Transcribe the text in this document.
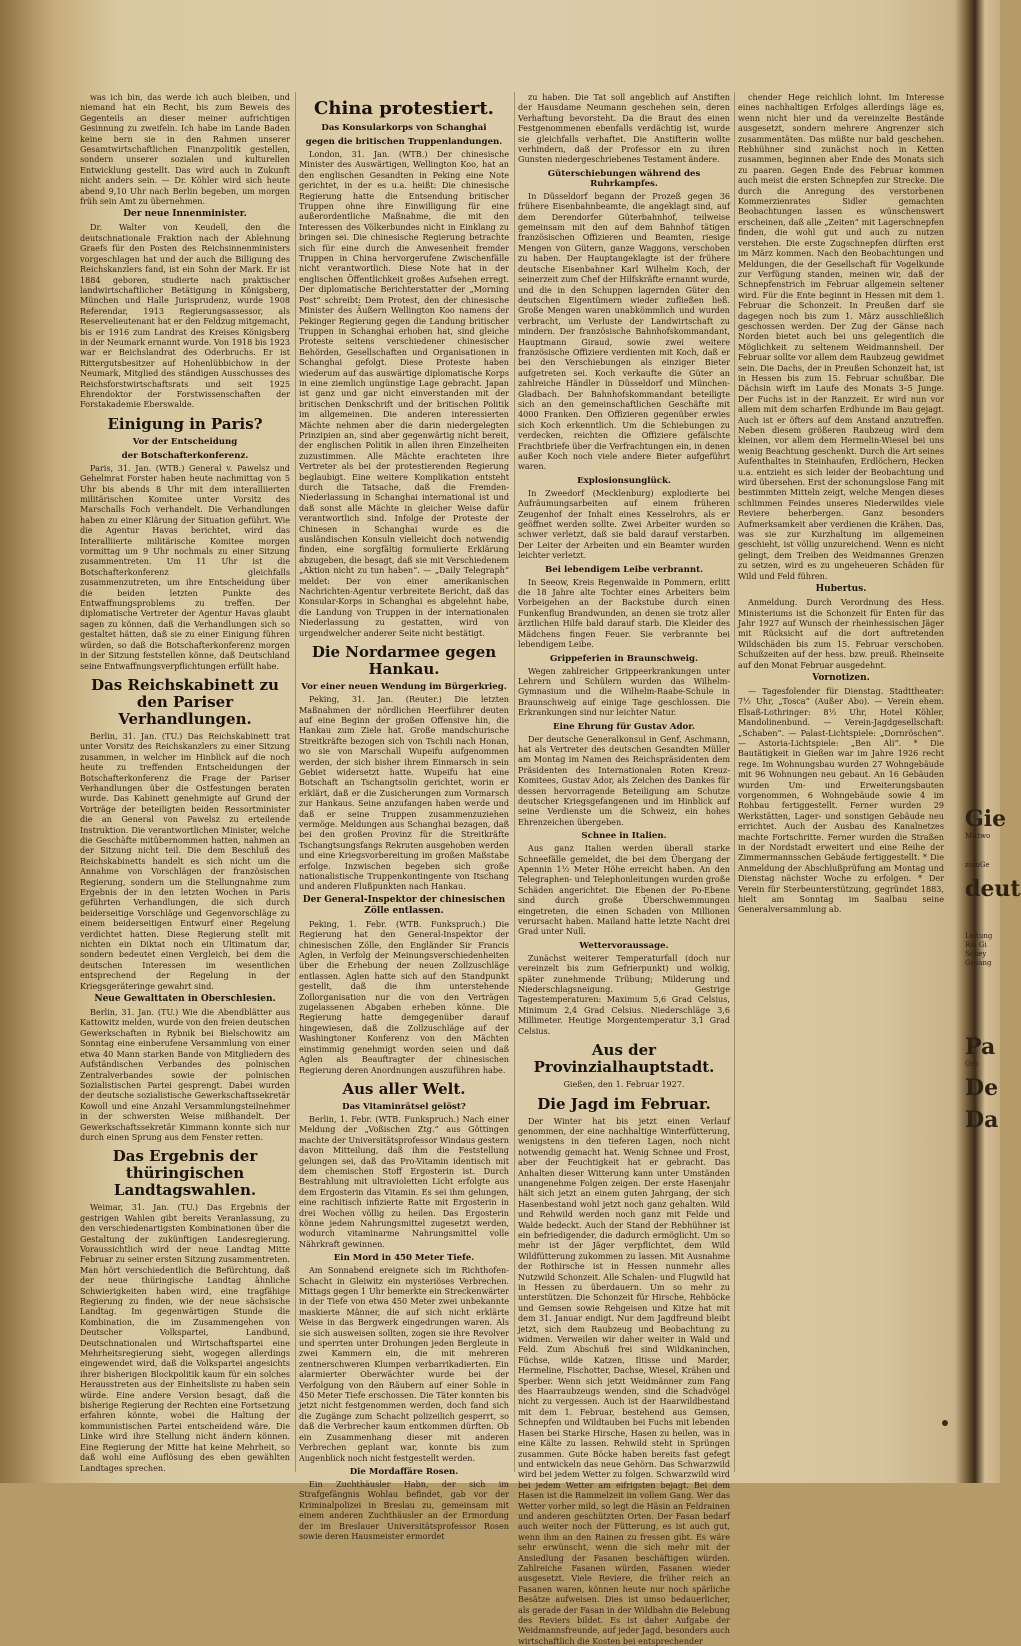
was ich bin, das werde ich auch bleiben, und niemand hat ein Recht, bis zum Beweis des Gegenteils an dieser meiner aufrichtigen Gesinnung zu zweifeln. Ich habe im Lande Baden keine bern sie in den Rahmen unserer Gesamtwirtschaftlichen Finanzpolitik gestellen, sondern unserer sozialen und kulturellen Entwicklung gestellt. Das wird auch in Zukunft nicht anders sein. — Dr. Köhler wird sich heute abend 9,10 Uhr nach Berlin begeben, um morgen früh sein Amt zu übernehmen.

Der neue Innenminister.

Dr. Walter von Keudell, den die deutschnationale Fraktion nach der Ablehnung Graefs für den Posten des Reichsinnenministers vorgeschlagen hat und der auch die Billigung des Reichskanzlers fand, ist ein Sohn der Mark. Er ist 1884 geboren, studierte nach praktischer landwirtschaftlicher Betätigung in Königsberg, München und Halle Jurisprudenz, wurde 1908 Referendar, 1913 Regierungsassessor, als Reservelieutenant hat er den Feldzug mitgemacht, bis er 1916 zum Landrat des Kreises Königsberg in der Neumark ernannt wurde. Von 1918 bis 1923 war er Beichslandrat des Oderbruchs. Er ist Rittergutsbesitzer auf Hohenlübbichow in der Neumark, Mitglied des ständigen Ausschusses des Reichsforstwirtschaftsrats und seit 1925 Ehrendoktor der Forstwissenschaften der Forstakademie Eberswalde.

Einigung in Paris?
Vor der Entscheidung
der Botschafterkonferenz.

Paris, 31. Jan. (WTB.) General v. Pawelsz und Gehelmrat Forster haben heute nachmittag von 5 Uhr bis abends 8 Uhr mit dem interalliierten militärischen Komitee unter Vorsitz des Marschalls Foch verhandelt. Die Verhandlungen haben zu einer Klärung der Situation geführt. Wie die Agentur Havas berichtet, wird das Interalliierte militärische Komitee morgen vormittag um 9 Uhr nochmals zu einer Sitzung zusammentreten. Um 11 Uhr ist die Botschafterkonferenz gleichfalls zusammenzutreten, um ihre Entscheidung über die beiden letzten Punkte des Entwaffnungsproblems zu treffen. Der diplomatische Vertreter der Agentur Havas glaubt sagen zu können, daß die Verhandlungen sich so gestaltet hätten, daß sie zu einer Einigung führen würden, so daß die Botschafterkonferenz morgen in der Sitzung feststellen könne, daß Deutschland seine Entwaffnungsverpflichtungen erfüllt habe.

Das Reichskabinett zu den Pariser Verhandlungen.

Berlin, 31. Jan. (TU.) Das Reichskabinett trat unter Vorsitz des Reichskanzlers zu einer Sitzung zusammen, in welcher im Hinblick auf die noch heute zu treffenden Entscheidungen der Botschafterkonferenz die Frage der Pariser Verhandlungen über die Ostfestungen beraten wurde. Das Kabinett genehmigte auf Grund der Vorträge der beteiligten beiden Ressortminister die an General von Pawelsz zu erteilende Instruktion. Die verantwortlichen Minister, welche die Geschäfte mitübernommen hatten, nahmen an der Sitzung nicht teil. Die dem Beschluß des Reichskabinetts handelt es sich nicht um die Annahme von Vorschlägen der französischen Regierung, sondern um die Stellungnahme zum Ergebnis der in den letzten Wochen in Paris geführten Verhandlungen, die sich durch beiderseitige Vorschläge und Gegenvorschläge zu einem beiderseitigen Entwurf einer Regelung verdichtet hatten. Diese Regierung stellt mit nichten ein Diktat noch ein Ultimatum dar, sondern bedeutet einen Vergleich, bei dem die deutschen Interessen im wesentlichen entsprechend der Regelung in der Kriegsgeräteringe gewahrt sind.

Neue Gewalttaten in Oberschlesien.

Berlin, 31. Jan. (TU.) Wie die Abendblätter aus Kattowitz melden, wurde von den freien deutschen Gewerkschaften in Rybnik bei Bielschowitz am Sonntag eine einberufene Versammlung von einer etwa 40 Mann starken Bande von Mitgliedern des Aufständischen Verbandes des polnischen Zentralverbandes sowie der polnischen Sozialistischen Partei gesprengt. Dabei wurden der deutsche sozialistische Gewerkschaftssekretär Kowoll und eine Anzahl Versammlungsteilnehmer in der schwersten Weise mißhandelt. Der Gewerkschaftssekretär Kimmann konnte sich nur durch einen Sprung aus dem Fenster retten.

Das Ergebnis der thüringischen Landtagswahlen.

Weimar, 31. Jan. (TU.) Das Ergebnis der gestrigen Wahlen gibt bereits Veranlassung, zu den verschiedenartigsten Kombinationen über die Gestaltung der zukünftigen Landesregierung. Voraussichtlich wird der neue Landtag Mitte Februar zu seiner ersten Sitzung zusammentreten. Man hört verschiedentlich die Befürchtung, daß der neue thüringische Landtag ähnliche Schwierigkeiten haben wird, eine tragfähige Regierung zu finden, wie der neue sächsische Landtag. Im gegenwärtigen Stunde die Kombination, die im Zusammengehen von Deutscher Volkspartei, Landbund, Deutschnationalen und Wirtschaftspartei eine Mehrheitsregierung sieht, wogegen allerdings eingewendet wird, daß die Volkspartei angesichts ihrer bisherigen Blockpolitik kaum für ein solches Herausstreten aus der Einheitsliste zu haben sein würde. Eine andere Version besagt, daß die bisherige Regierung der Rechten eine Fortsetzung erfahren könnte, wobei die Haltung der kommunistischen Partei entscheidend wäre. Die Linke wird ihre Stellung nicht ändern können. Eine Regierung der Mitte hat keine Mehrheit, so daß wohl eine Auflösung des eben gewählten Landtages sprechen.

China protestiert.
Das Konsularkorps von Schanghai
gegen die britischen Truppenlandungen.

London, 31. Jan. (WTB.) Der chinesische Minister des Auswärtigen, Wellington Koo, hat an den englischen Gesandten in Peking eine Note gerichtet, in der es u.a. heißt: Die chinesische Regierung hatte die Entsendung britischer Truppen ohne ihre Einwilligung für eine außerordentliche Maßnahme, die mit den Interessen des Völkerbundes nicht in Einklang zu bringen sei. Die chinesische Regierung betrachte sich für eine durch die Anwesenheit fremder Truppen in China hervorgerufene Zwischenfälle nicht verantwortlich. Diese Note hat in der englischen Öffentlichkeit großes Aufsehen erregt. Der diplomatische Berichterstatter der „Morning Post“ schreibt: Dem Protest, den der chinesische Minister des Äußern Wellington Koo namens der Pekinger Regierung gegen die Landung britischer Truppen in Schanghai erhoben hat, sind gleiche Proteste seitens verschiedener chinesischer Behörden, Gesellschaften und Organisationen in Schanghai gefolgt. Diese Proteste haben wiederum auf das auswärtige diplomatische Korps in eine ziemlich ungünstige Lage gebracht. Japan ist ganz und gar nicht einverstanden mit der britischen Denkschrift und der britischen Politik im allgemeinen. Die anderen interessierten Mächte nehmen aber die darin niedergelegten Prinzipien an, sind aber gegenwärtig nicht bereit, der englischen Politik in allen ihren Einzelheiten zuzustimmen. Alle Mächte erachteten ihre Vertreter als bei der protestierenden Regierung beglaubigt. Eine weitere Komplikation entsteht durch die Tatsache, daß die Fremden-Niederlassung in Schanghai international ist und daß sonst alle Mächte in gleicher Weise dafür verantwortlich sind. Infolge der Proteste der Chinesen in Schanghai wurde es die ausländischen Konsuln vielleicht doch notwendig finden, eine sorgfältig formulierte Erklärung abzugeben, die besagt, daß sie mit Verschiedenem „Aktion nicht zu tun haben“. — „Daily Telegraph“ meldet: Der von einer amerikanischen Nachrichten-Agentur verbreitete Bericht, daß das Konsular-Korps in Schanghai es abgelehnt habe, die Landung von Truppen in der internationalen Niederlassung zu gestatten, wird von urgendwelcher anderer Seite nicht bestätigt.

Die Nordarmee gegen Hankau.
Vor einer neuen Wendung im Bürgerkrieg.

Peking, 31. Jan. (Reuter.) Die letzten Maßnahmen der nördlichen Heerführer deuten auf eine Beginn der großen Offensive hin, die Hankau zum Ziele hat. Große mandschurische Streitkräfte bezogen sich von Tschili nach Honan, wo sie von Marschall Wupeifu aufgenommen werden, der sich bisher ihrem Einmarsch in sein Gebiet widersetzt hatte. Wupeifu hat eine Botschaft an Tschangtsolin gerichtet, worin er erklärt, daß er die Zusicherungen zum Vormarsch zur Hankaus. Seine anzufangen haben werde und daß er seine Truppen zusammenzuziehen vermöge. Meldungen aus Schanghai bezagen, daß bei den großen Provinz für die Streitkräfte Tschangtsungsfangs Rekruten ausgehoben werden und eine Kriegsvorbereitung im großen Maßstabe erfolge. Inzwischen begeben sich große nationalistische Truppenkontingente von Itschang und anderen Flußpunkten nach Hankau.

Der General-Inspektor der chinesischen Zölle entlassen.

Peking, 1. Febr. (WTB. Funkspruch.) Die Regierung hat den General-Inspektor der chinesischen Zölle, den Engländer Sir Francis Aglen, in Verfolg der Meinungsverschiedenheiten über die Erhebung der neuen Zollzuschläge entlassen. Aglen hatte sich auf den Standpunkt gestellt, daß die ihm unterstehende Zollorganisation nur die von den Verträgen zugelassenen Abgaben erheben könne. Die Regierung hatte demgegenüber darauf hingewiesen, daß die Zollzuschläge auf der Washingtoner Konferenz von den Mächten einstimmig genehmigt worden seien und daß Aglen als Beauftragter der chinesischen Regierung deren Anordnungen auszuführen habe.

Aus aller Welt.
Das Vitaminrätsel gelöst?

Berlin, 1. Febr. (WTB. Funkspruch.) Nach einer Meldung der „Voßischen Ztg.“ aus Göttingen machte der Universitätsprofessor Windaus gestern davon Mitteilung, daß ihm die Feststellung gelungen sei, daß das Pro-Vitamin identisch mit dem chemischen Stoff Ergosterin ist. Durch Bestrahlung mit ultravioletten Licht erfolgte aus dem Ergosterin das Vitamin. Es sei ihm gelungen, eine rachitisch infizierte Ratte mit Ergosterin in drei Wochen völlig zu heilen. Das Ergosterin könne jedem Nahrungsmittel zugesetzt werden, wodurch vitaminarme Nahrungsmittel volle Nährkraft gewinnen.

Ein Mord in 450 Meter Tiefe.

Am Sonnabend ereignete sich im Richthofen-Schacht in Gleiwitz ein mysteriöses Verbrechen. Mittags gegen 1 Uhr bemerkte ein Streckenwärter in der Tiefe von etwa 450 Meter zwei unbekannte maskierte Männer, die auf sich nicht erklärte Weise in das Bergwerk eingedrungen waren. Als sie sich ausweisen sollten, zogen sie ihre Revolver und sperrten unter Drohungen jeden Bergleute in zwei Kammern ein, die mit mehreren zentnerschweren Klumpen verbarrikadierten. Ein alarmierter Oberwächter wurde bei der Verfolgung von den Räubern auf einer Sohle in 450 Meter Tiefe erschossen. Die Täter konnten bis jetzt nicht festgenommen werden, doch fand sich die Zugänge zum Schacht polizeilich gesperrt, so daß die Verbrecher kaum entkommen dürften. Ob ein Zusammenhang dieser mit anderen Verbrechen geplant war, konnte bis zum Augenblick noch nicht festgestellt werden.

Die Mordaffäre Rosen.

Ein Zuchthäusler Habn, der sich im Strafgefängnis Wohlau befindet, gab vor der Kriminalpolizei in Breslau zu, gemeinsam mit einem anderen Zuchthäusler an der Ermordung der im Breslauer Universitätsprofessor Rosen sowie deren Hausmeister ermordet

zu haben. Die Tat soll angeblich auf Anstiften der Hausdame Neumann geschehen sein, deren Verhaftung bevorsteht. Da die Braut des einen Festgenommenen ebenfalls verdächtig ist, wurde sie gleichfalls verhaftet. Die Anstifterin wollte verhindern, daß der Professor ein zu ihren Gunsten niedergeschriebenes Testament ändere.

Güterschiebungen während des Ruhrkampfes.

In Düsseldorf begann der Prozeß gegen 36 frühere Eisenbahnbeamte, die angeklagt sind, auf dem Derendorfer Güterbahnhof, teilweise gemeinsam mit den auf dem Bahnhof tätigen französischen Offizieren und Beamten, riesige Mengen von Gütern, ganze Waggons, verschoben zu haben. Der Hauptangeklagte ist der frühere deutsche Eisenbahner Karl Wilhelm Koch, der seinerzeit zum Chef der Hilfskräfte ernannt wurde, und die in den Schuppen lagernden Güter den deutschen Eigentümern wieder zufließen ließ. Große Mengen waren unabkömmlich und wurden verbracht, um Verluste der Landwirtschaft zu mindern. Der französische Bahnhofskommandant, Hauptmann Giraud, sowie zwei weitere französische Offiziere verdienten mit Koch, daß er bei den Verschiebungen als einziger Bieter aufgetreten sei. Koch verkaufte die Güter an zahlreiche Händler in Düsseldorf und München-Gladbach. Der Bahnhofskommandant beteiligte sich an den gemeinschaftlichen Geschäfte mit 4000 Franken. Den Offizieren gegenüber erwies sich Koch erkenntlich. Um die Schiebungen zu verdecken, reichten die Offiziere gefälschte Frachtbriefe über die Verfrachtungen ein, in denen außer Koch noch viele andere Bieter aufgeführt waren.

Explosionsunglück.

In Zweedorf (Mecklenburg) explodierte bei Aufräumungsarbeiten auf einem früheren Zeugenhof der Inhalt eines Kesselrohrs, als er geöffnet werden sollte. Zwei Arbeiter wurden so schwer verletzt, daß sie bald darauf verstarben. Der Leiter der Arbeiten und ein Beamter wurden leichter verletzt.

Bei lebendigem Leibe verbrannt.

In Seeow, Kreis Regenwalde in Pommern, erlitt die 18 Jahre alte Tochter eines Arbeiters beim Vorbeigehen an der Backstube durch einen Funkenflug Brandwunden, an denen sie trotz aller ärztlichen Hilfe bald darauf starb. Die Kleider des Mädchens fingen Feuer. Sie verbrannte bei lebendigem Leibe.

Grippeferien in Braunschweig.

Wegen zahlreicher Grippeerkrankungen unter Lehrern und Schülern wurden das Wilhelm-Gymnasium und die Wilhelm-Raabe-Schule in Braunschweig auf einige Tage geschlossen. Die Erkrankungen sind nur leichter Natur.

Eine Ehrung für Gustav Ador.

Der deutsche Generalkonsul in Genf, Aschmann, hat als Vertreter des deutschen Gesandten Müller am Montag im Namen des Reichspräsidenten dem Präsidenten des Internationalen Roten Kreuz-Komitees, Gustav Ador, als Zeichen des Dankes für dessen hervorragende Beteiligung am Schutze deutscher Kriegsgefangenen und im Hinblick auf seine Verdienste um die Schweiz, ein hohes Ehrenzeichen übergeben.

Schnee in Italien.

Aus ganz Italien werden überall starke Schneefälle gemeldet, die bei dem Übergang der Apennin 1½ Meter Höhe erreicht haben. An den Telegraphen- und Telephonleitungen wurden große Schäden angerichtet. Die Ebenen der Po-Ebene sind durch große Überschwemmungen eingetreten, die einen Schaden von Millionen verursacht haben. Mailand hatte letzte Nacht drei Grad unter Null.

Wettervoraussage.

Zunächst weiterer Temperaturfall (doch nur vereinzelt bis zum Gefrierpunkt) und wolkig, später zunehmende Trübung; Milderung und Niederschlagsneigung. Gestrige Tagestemperaturen: Maximum 5,6 Grad Celsius, Minimum 2,4 Grad Celsius. Niederschläge 3,6 Millimeter. Heutige Morgentemperatur 3,1 Grad Celsius.

Aus der Provinzialhauptstadt.

Gießen, den 1. Februar 1927.

Die Jagd im Februar.

Der Winter hat bis jetzt einen Verlauf genommen, der eine nachhaltige Winterfütterung, wenigstens in den tieferen Lagen, noch nicht notwendig gemacht hat. Wenig Schnee und Frost, aber der Feuchtigkeit hat er gebracht. Das Anhalten dieser Witterung kann unter Umständen unangenehme Folgen zeigen. Der erste Hasenjahr hält sich jetzt an einem guten Jahrgang, der sich Hasenbestand wohl jetzt noch ganz gehalten. Wild und Rehwild werden noch ganz mit Felde und Walde bedeckt. Auch der Stand der Rebhühner ist ein befriedigender, die dadurch ermöglicht. Um so mehr ist der Jäger verpflichtet, dem Wild Wildfütterung zukommen zu lassen. Mit Ausnahme der Rothirsche ist in Hessen nunmehr alles Nutzwild Schonzeit. Alle Schalen- und Flugwild hat in Hessen zu überdauern. Um so mehr zu unterstützen. Die Schonzeit für Hirsche, Rehböcke und Gemsen sowie Rehgeisen und Kitze hat mit dem 31. Januar endigt. Nur dem Jagdfreund bleibt jetzt, sich dem Raubzeug und Beobachtung zu widmen. Verweilen wir daher weiter in Wald und Feld. Zum Abschuß frei sind Wildkaninchen, Füchse, wilde Katzen, Iltisse und Marder, Hermeline, Fischotter, Dachse, Wiesel, Krähen und Sperber. Wenn sich jetzt Weidmänner zum Fang des Haarraubzeugs wenden, sind die Schadvögel nicht zu vergessen. Auch ist der Haarwildbestand mit dem 1. Februar, bestehend aus Gemsen, Schnepfen und Wildtauben bei Fuchs mit lebenden Hasen bei Starke Hirsche, Hasen zu heilen, was in eine Kälte zu lassen. Rehwild steht in Sprüngen zusammen. Gute Böcke haben bereits fast gefegt und entwickeln das neue Gehörn. Das Schwarzwild wird bei jedem Wetter zu folgen. Schwarzwild wird bei jedem Wetter am eifrigsten bejagt. Bei dem Hasen ist die Rammelzeit im vollem Gang. Wer das Wetter vorher mild, so legt die Häsin an Feldrainen und anderen geschützten Orten. Der Fasan bedarf auch weiter noch der Fütterung, es ist auch gut, wenn ihm an den Rainen zu fressen gibt. Es wäre sehr erwünscht, wenn die sich mehr mit der Ansiedlung der Fasanen beschäftigen würden. Zahlreiche Fasanen würden, Fasanen wieder ausgesetzt. Viele Reviere, die früher reich an Fasanen waren, können heute nur noch spärliche Besätze aufweisen. Dies ist umso bedauerlicher, als gerade der Fasan in der Wildbahn die Belebung des Reviers bildet. Es ist daher Aufgabe der Weidmannsfreunde, auf jeder Jagd, besonders auch wirtschaftlich die Kosten bei entsprechender

chender Hege reichlich lohnt. Im Interesse eines nachhaltigen Erfolges allerdings läge es, wenn nicht hier und da vereinzelte Bestände ausgesetzt, sondern mehrere Angrenzer sich zusammentäten. Das müßte nur bald geschehen. Rebhühner sind zunächst noch in Ketten zusammen, beginnen aber Ende des Monats sich zu paaren. Gegen Ende des Februar kommen auch meist die ersten Schnepfen zur Strecke. Die durch die Anregung des verstorbenen Kommerzienrates Sidler gemachten Beobachtungen lassen es wünschenswert erscheinen, daß alle „Zeiten“ mit Lagerschnepfen finden, die wohl gut und auch zu nutzen verstehen. Die erste Zugschnepfen dürften erst im März kommen. Nach den Beobachtungen und Meldungen, die der Gesellschaft für Vogelkunde zur Verfügung standen, meinen wir, daß der Schnepfenstrich im Februar allgemein seltener wird. Für die Ente beginnt in Hessen mit dem 1. Februar die Schonzeit. In Preußen darf sie dagegen noch bis zum 1. März ausschließlich geschossen werden. Der Zug der Gänse nach Norden bietet auch bei uns gelegentlich die Möglichkeit zu seltenem Weidmannsheil. Der Februar sollte vor allem dem Raubzeug gewidmet sein. Die Dachs, der in Preußen Schonzeit hat, ist in Hessen bis zum 15. Februar schußbar. Die Dächsin wirft im Laufe des Monats 3–5 Junge. Der Fuchs ist in der Ranzzeit. Er wird nun vor allem mit dem scharfen Erdhunde im Bau gejagt. Auch ist er öfters auf dem Anstand anzutreffen. Neben diesem größeren Raubzeug wird dem kleinen, vor allem dem Hermelin-Wiesel bei uns wenig Beachtung geschenkt. Durch die Art seines Aufenthaltes in Steinhaufen, Erdlöchern, Hecken u.a. entzieht es sich leider der Beobachtung und wird übersehen. Erst der schonungslose Fang mit bestimmten Mitteln zeigt, welche Mengen dieses schlimmen Feindes unseres Niederwildes viele Reviere beherbergen. Ganz besonders Aufmerksamkeit aber verdienen die Krähen. Das, was sie zur Kurzhaltung im allgemeinen geschieht, ist völlig unzureichend. Wenn es nicht gelingt, dem Treiben des Weidmannes Grenzen zu setzen, wird es zu ungeheueren Schäden für Wild und Feld führen.

Hubertus.

Anmeldung. Durch Verordnung des Hess. Ministeriums ist die Schonzeit für Enten für das Jahr 1927 auf Wunsch der rheinhessischen Jäger mit Rücksicht auf die dort auftretenden Wildschäden bis zum 15. Februar verschoben. Schußzeiten auf der hess. bzw. preuß. Rheinseite auf den Monat Februar ausgedehnt.

Vornotizen.

— Tagesfolender für Dienstag. Stadttheater: 7½ Uhr, „Tosca“ (Außer Abo). — Verein ehem. Elsaß-Lothringer: 8½ Uhr, Hotel Köhler, Mandolinenbund. — Verein-Jagdgesellschaft: „Schaben“. — Palast-Lichtspiele: „Dornröschen“. — Astoria-Lichtspiele: „Ben Ali“. * Die Bautätigkeit in Gießen war im Jahre 1926 recht rege. Im Wohnungsbau wurden 27 Wohngebäude mit 96 Wohnungen neu gebaut. An 16 Gebäuden wurden Um- und Erweiterungsbauten vorgenommen, 6 Wohngebäude sowie 4 im Rohbau fertiggestellt. Ferner wurden 29 Werkstätten, Lager- und sonstigen Gebäude neu errichtet. Auch der Ausbau des Kanalnetzes machte Fortschritte. Ferner wurden die Straßen in der Nordstadt erweitert und eine Reihe der Zimmermannsschen Gebäude fertiggestellt. * Die Anmeldung der Abschlußprüfung am Montag und Dienstag nächster Woche zu erfolgen. * Der Verein für Sterbeunterstützung, gegründet 1883, hielt am Sonntag im Saalbau seine Generalversammlung ab.

Gie
Mittwo
zumGe
deut
Leitung
Ria Gi
Schey
Gesang
Pa
Gro
De
Da
